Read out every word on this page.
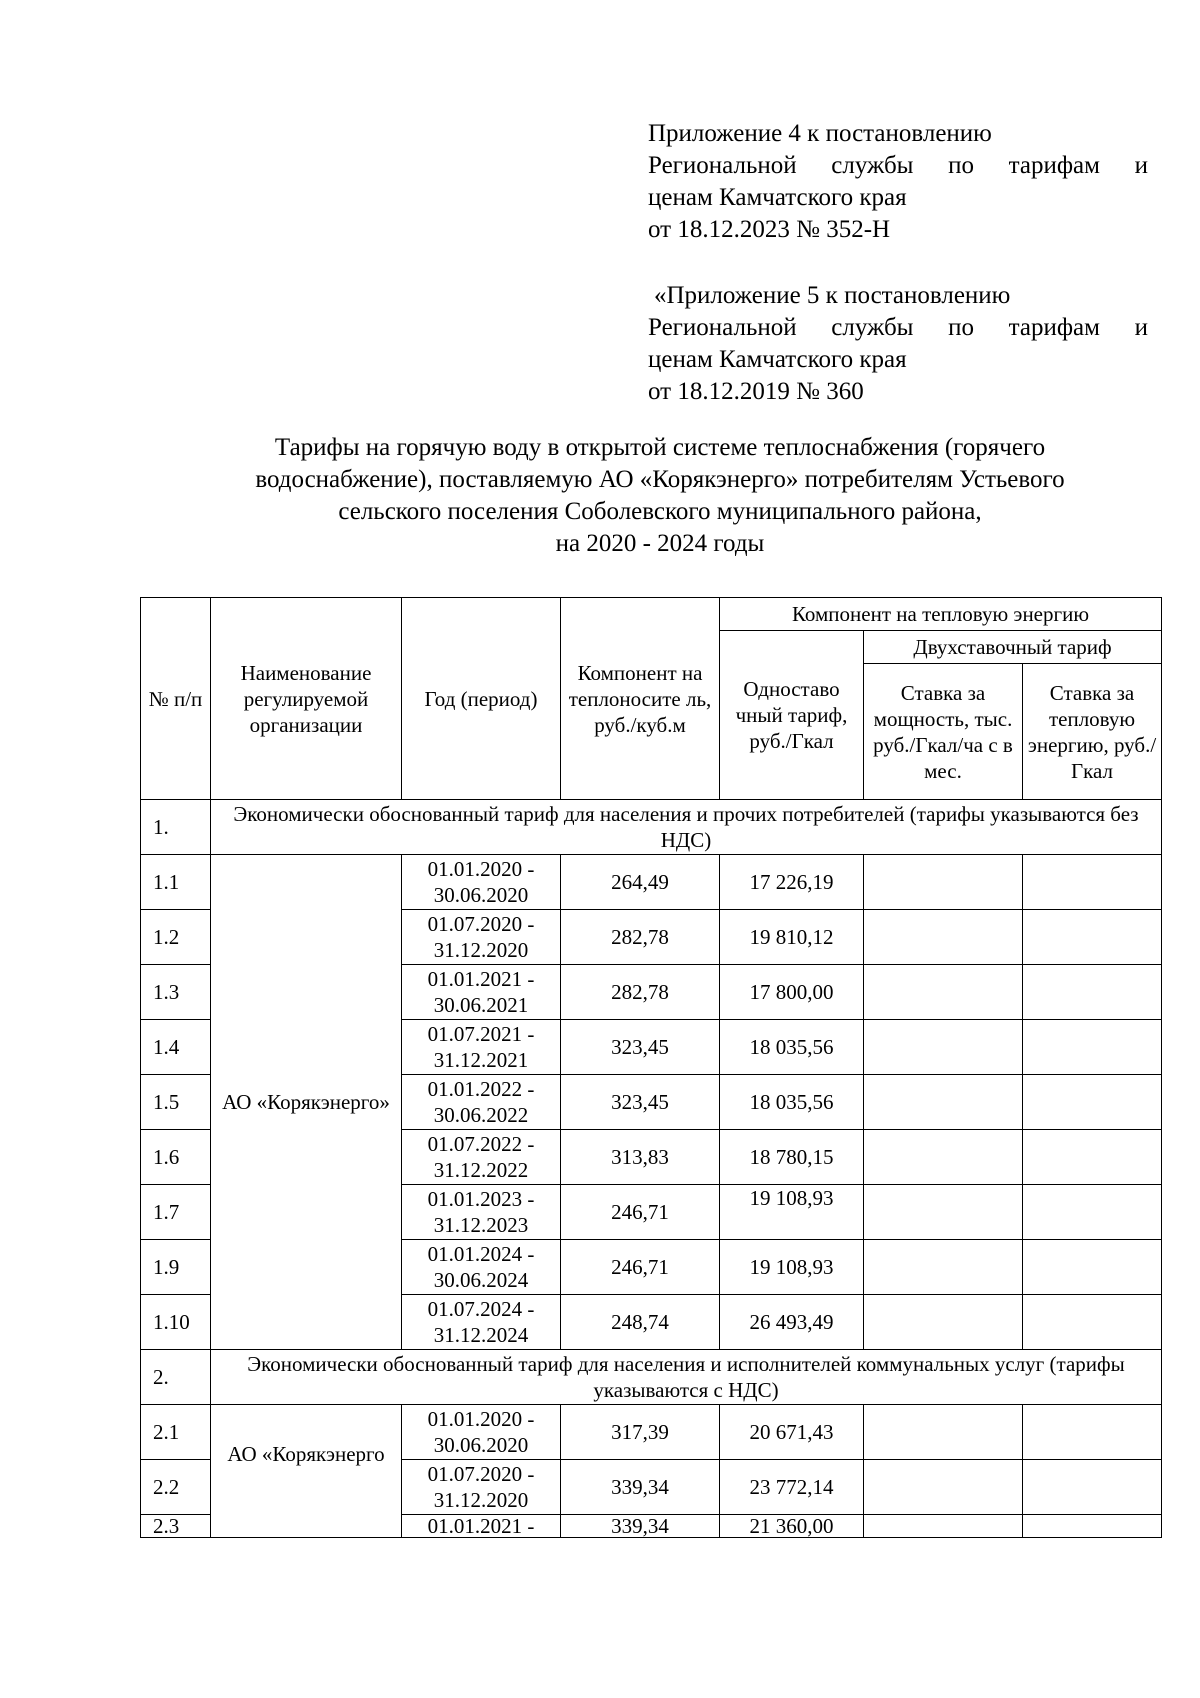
Приложение 4 к постановлению

Региональной службы по тарифам и

ценам Камчатского края

от 18.12.2023 № 352-Н

«Приложение 5 к постановлению

Региональной службы по тарифам и

ценам Камчатского края

от 18.12.2019 № 360

Тарифы на горячую воду в открытой системе теплоснабжения (горячего

водоснабжение), поставляемую АО «Корякэнерго» потребителям Устьевого

сельского поселения Соболевского муниципального района,

на 2020 - 2024 годы

№ п/п	Наименование регулируемой организации	Год (период)	Компонент на теплоносите ль, руб./куб.м	Компонент на тепловую энергию		
				Одноставо чный тариф, руб./Гкал	Двухставочный тариф	
					Ставка за мощность, тыс. руб./Гкал/ча с в мес.	Ставка за тепловую энергию, руб./Гкал
1.	Экономически обоснованный тариф для населения и прочих потребителей (тарифы указываются без НДС)					
1.1	АО «Корякэнерго»	01.01.2020 -
30.06.2020	264,49	17 226,19		
1.2		01.07.2020 -
31.12.2020	282,78	19 810,12		
1.3		01.01.2021 -
30.06.2021	282,78	17 800,00		
1.4		01.07.2021 -
31.12.2021	323,45	18 035,56		
1.5		01.01.2022 -
30.06.2022	323,45	18 035,56		
1.6		01.07.2022 -
31.12.2022	313,83	18 780,15		
1.7		01.01.2023 -
31.12.2023	246,71	19 108,93		
1.9		01.01.2024 -
30.06.2024	246,71	19 108,93		
1.10		01.07.2024 -
31.12.2024	248,74	26 493,49		
2.	Экономически обоснованный тариф для населения и исполнителей коммунальных услуг (тарифы указываются с НДС)					
2.1	АО «Корякэнерго	01.01.2020 -
30.06.2020	317,39	20 671,43		
2.2		01.07.2020 -
31.12.2020	339,34	23 772,14		
2.3		01.01.2021 -	339,34	21 360,00		
